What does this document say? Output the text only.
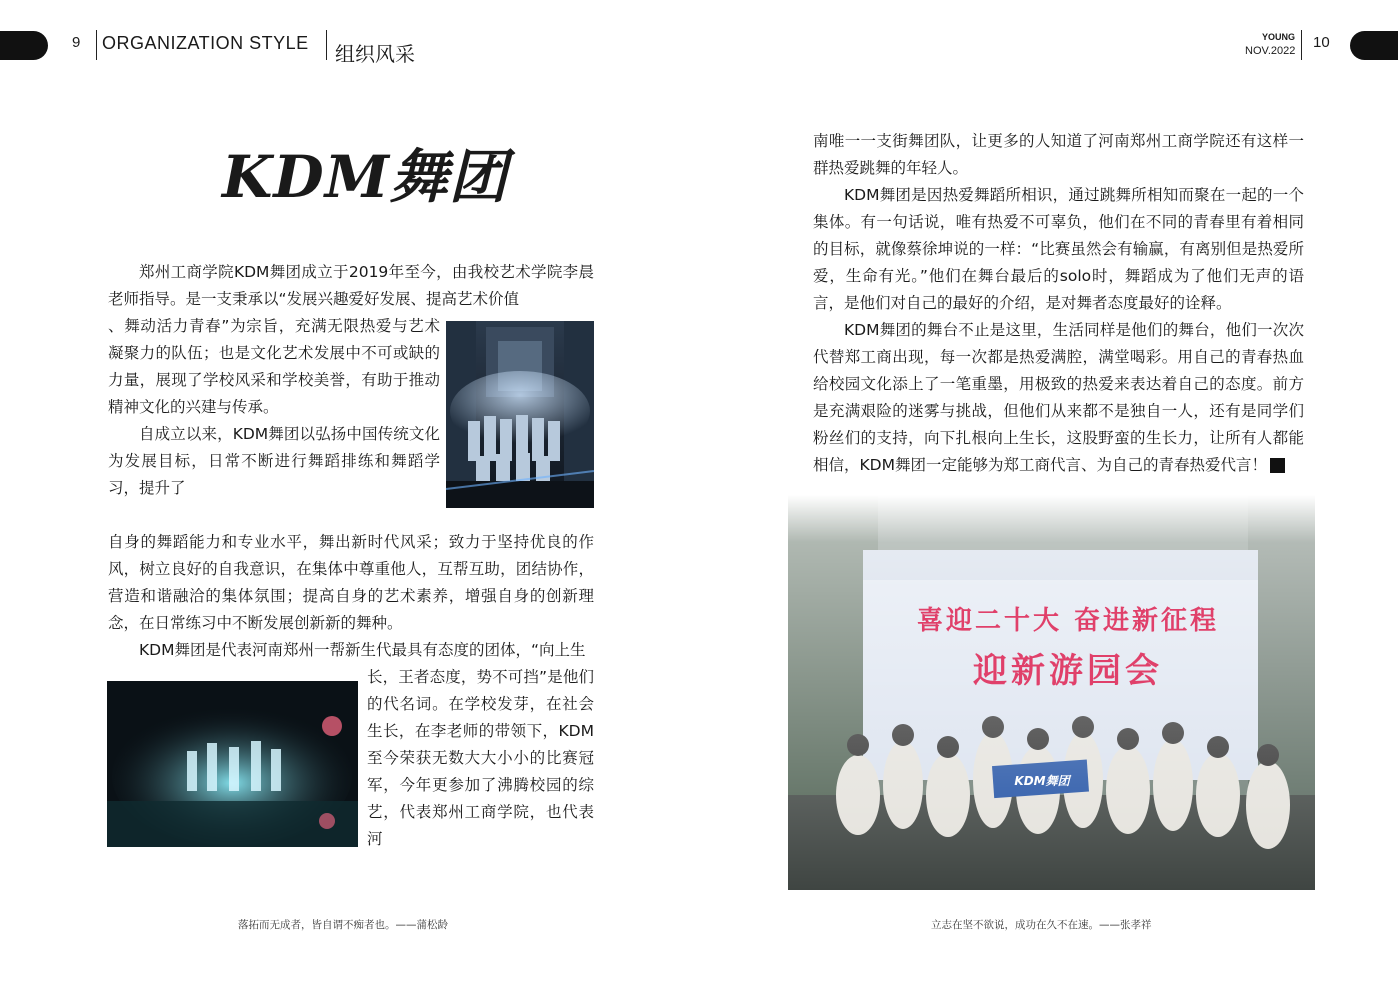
9 ORGANIZATION STYLE 组织风采
YOUNG
NOV.2022 10
KDM舞团

郑州工商学院KDM舞团成立于2019年至今，由我校艺术学院李晨老师指导。是一支秉承以“发展兴趣爱好发展、提高艺术价值

、舞动活力青春”为宗旨，充满无限热爱与艺术凝聚力的队伍；也是文化艺术发展中不可或缺的力量，展现了学校风采和学校美誉，有助于推动精神文化的兴建与传承。
自成立以来，KDM舞团以弘扬中国传统文化为发展目标，日常不断进行舞蹈排练和舞蹈学习，提升了

自身的舞蹈能力和专业水平，舞出新时代风采；致力于坚持优良的作风，树立良好的自我意识，在集体中尊重他人，互帮互助，团结协作，营造和谐融洽的集体氛围；提高自身的艺术素养，增强自身的创新理念，在日常练习中不断发展创新新的舞种。

KDM舞团是代表河南郑州一帮新生代最具有态度的团体，“向上生

长，王者态度，势不可挡”是他们的代名词。在学校发芽，在社会生长，在李老师的带领下，KDM至今荣获无数大大小小的比赛冠军，今年更参加了沸腾校园的综艺，代表郑州工商学院，也代表河

南唯一一支街舞团队，让更多的人知道了河南郑州工商学院还有这样一群热爱跳舞的年轻人。

KDM舞团是因热爱舞蹈所相识，通过跳舞所相知而聚在一起的一个集体。有一句话说，唯有热爱不可辜负，他们在不同的青春里有着相同的目标，就像蔡徐坤说的一样：“比赛虽然会有输赢，有离别但是热爱所爱，生命有光。”他们在舞台最后的solo时，舞蹈成为了他们无声的语言，是他们对自己的最好的介绍，是对舞者态度最好的诠释。

KDM舞团的舞台不止是这里，生活同样是他们的舞台，他们一次次代替郑工商出现，每一次都是热爱满腔，满堂喝彩。用自己的青春热血给校园文化添上了一笔重墨，用极致的热爱来表达着自己的态度。前方是充满艰险的迷雾与挑战，但他们从来都不是独自一人，还有是同学们粉丝们的支持，向下扎根向上生长，这股野蛮的生长力，让所有人都能相信，KDM舞团一定能够为郑工商代言、为自己的青春热爱代言！	Y

喜迎二十大 奋进新征程
迎新游园会
KDM舞团
落拓而无成者，皆自谓不痴者也。——蒲松龄	立志在坚不欲说，成功在久不在速。——张孝祥
